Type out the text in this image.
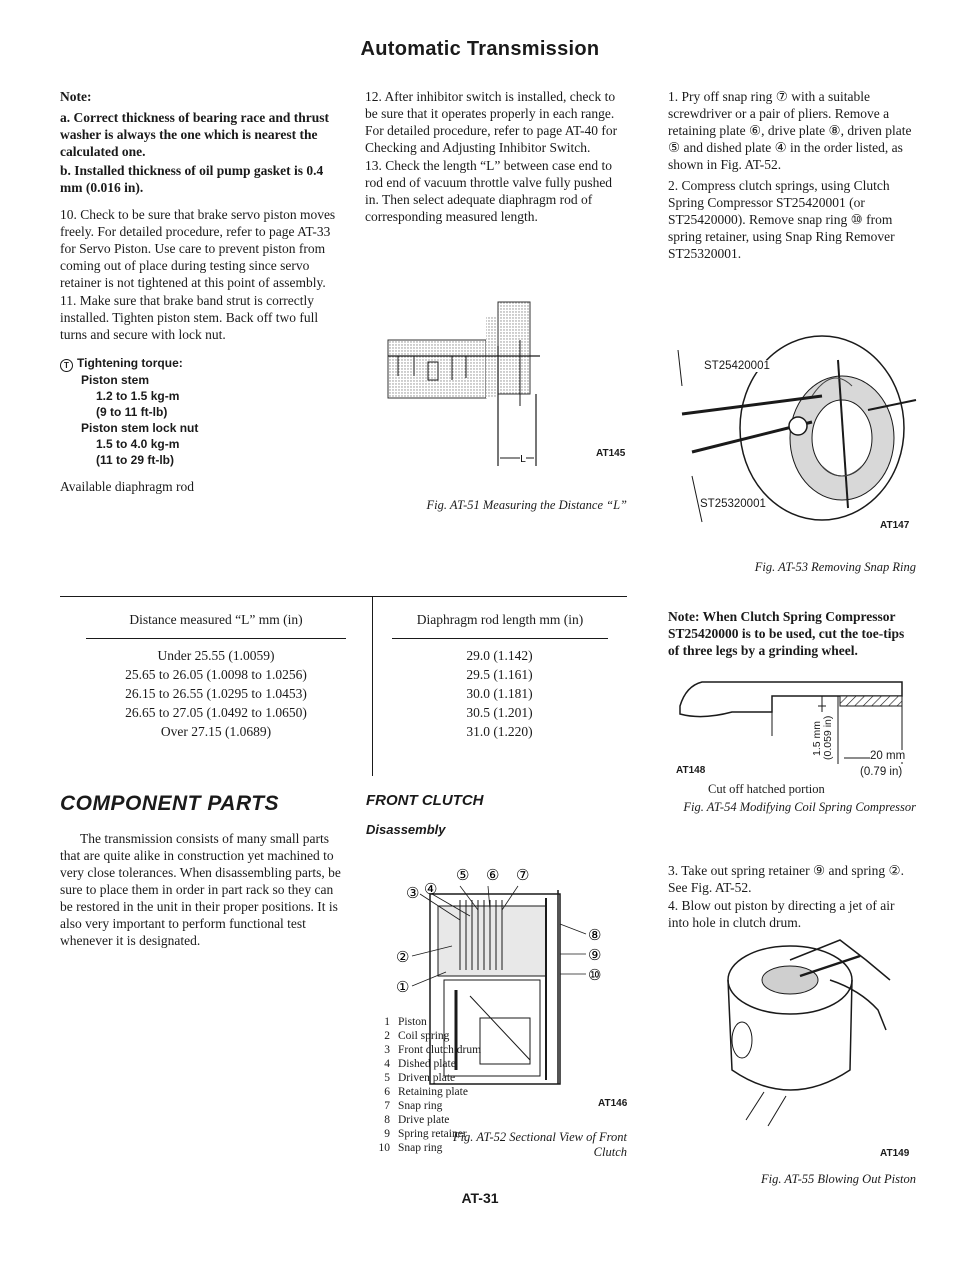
Automatic Transmission

Note:

a. Correct thickness of bearing race and thrust washer is always the one which is nearest the calculated one.

b. Installed thickness of oil pump gasket is 0.4 mm (0.016 in).

10. Check to be sure that brake servo piston moves freely. For detailed procedure, refer to page AT-33 for Servo Piston. Use care to prevent piston from coming out of place during testing since servo retainer is not tightened at this point of assembly.

11. Make sure that brake band strut is correctly installed. Tighten piston stem. Back off two full turns and secure with lock nut.

T Tightening torque:
Piston stem
1.2 to 1.5 kg-m
(9 to 11 ft-lb)
Piston stem lock nut
1.5 to 4.0 kg-m
(11 to 29 ft-lb)

Available diaphragm rod

12. After inhibitor switch is installed, check to be sure that it operates properly in each range. For detailed procedure, refer to page AT-40 for Checking and Adjusting Inhibitor Switch.

13. Check the length “L” between case end to rod end of vacuum throttle valve fully pushed in. Then select adequate diaphragm rod of corresponding measured length.

L
AT145
Fig. AT-51 Measuring the Distance “L”
Distance measured “L” mm (in)	Diaphragm rod length mm (in)
Under 25.55 (1.0059)	29.0 (1.142)
25.65 to 26.05 (1.0098 to 1.0256)	29.5 (1.161)
26.15 to 26.55 (1.0295 to 1.0453)	30.0 (1.181)
26.65 to 27.05 (1.0492 to 1.0650)	30.5 (1.201)
Over 27.15 (1.0689)	31.0 (1.220)
COMPONENT PARTS
The transmission consists of many small parts that are quite alike in construction yet machined to very close tolerances. When disassembling parts, be sure to place them in order in part rack so they can be restored in the unit in their proper positions. It is also very important to perform functional test whenever it is designated.
FRONT CLUTCH
Disassembly
⑤ ⑥ ⑦
③ ④
②
①
⑧
⑨
⑩
1 Piston
2 Coil spring
3 Front clutch drum
4 Dished plate
5 Driven plate
6 Retaining plate
7 Snap ring
8 Drive plate
9 Spring retainer
10 Snap ring
AT146
Fig. AT-52 Sectional View of Front Clutch

1. Pry off snap ring ⑦ with a suitable screwdriver or a pair of pliers. Remove a retaining plate ⑥, drive plate ⑧, driven plate ⑤ and dished plate ④ in the order listed, as shown in Fig. AT-52.

2. Compress clutch springs, using Clutch Spring Compressor ST25420001 (or ST25420000). Remove snap ring ⑩ from spring retainer, using Snap Ring Remover ST25320001.

ST25420001
ST25320001
AT147
Fig. AT-53 Removing Snap Ring
Note: When Clutch Spring Compressor ST25420000 is to be used, cut the toe-tips of three legs by a grinding wheel.
1.5 mm (0.059 in)	20 mm
(0.79 in)
AT148
Cut off hatched portion
Fig. AT-54 Modifying Coil Spring Compressor

3. Take out spring retainer ⑨ and spring ②. See Fig. AT-52.

4. Blow out piston by directing a jet of air into hole in clutch drum.

AT149
Fig. AT-55 Blowing Out Piston
AT-31
